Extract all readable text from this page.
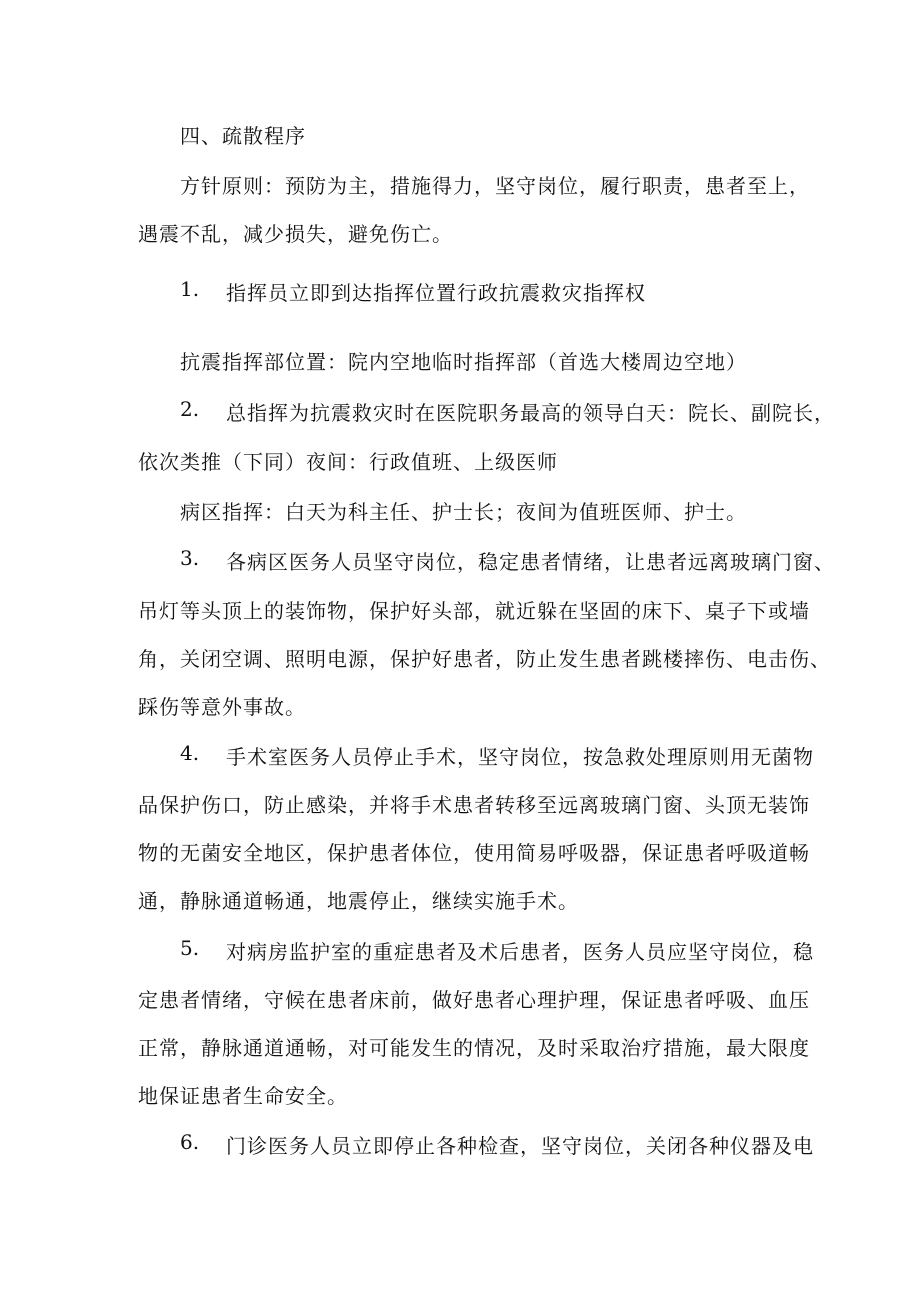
四、疏散程序
方针原则：预防为主，措施得力，坚守岗位，履行职责，患者至上，
遇震不乱，减少损失，避免伤亡。
1. 指挥员立即到达指挥位置行政抗震救灾指挥权
抗震指挥部位置：院内空地临时指挥部（首选大楼周边空地）
2. 总指挥为抗震救灾时在医院职务最高的领导白天：院长、副院长，
依次类推（下同）夜间：行政值班、上级医师
病区指挥：白天为科主任、护士长；夜间为值班医师、护士。
3. 各病区医务人员坚守岗位，稳定患者情绪，让患者远离玻璃门窗、
吊灯等头顶上的装饰物，保护好头部，就近躲在坚固的床下、桌子下或墙
角，关闭空调、照明电源，保护好患者，防止发生患者跳楼摔伤、电击伤、
踩伤等意外事故。
4. 手术室医务人员停止手术，坚守岗位，按急救处理原则用无菌物
品保护伤口，防止感染，并将手术患者转移至远离玻璃门窗、头顶无装饰
物的无菌安全地区，保护患者体位，使用简易呼吸器，保证患者呼吸道畅
通，静脉通道畅通，地震停止，继续实施手术。
5. 对病房监护室的重症患者及术后患者，医务人员应坚守岗位，稳
定患者情绪，守候在患者床前，做好患者心理护理，保证患者呼吸、血压
正常，静脉通道通畅，对可能发生的情况，及时采取治疗措施，最大限度
地保证患者生命安全。
6. 门诊医务人员立即停止各种检查，坚守岗位，关闭各种仪器及电
